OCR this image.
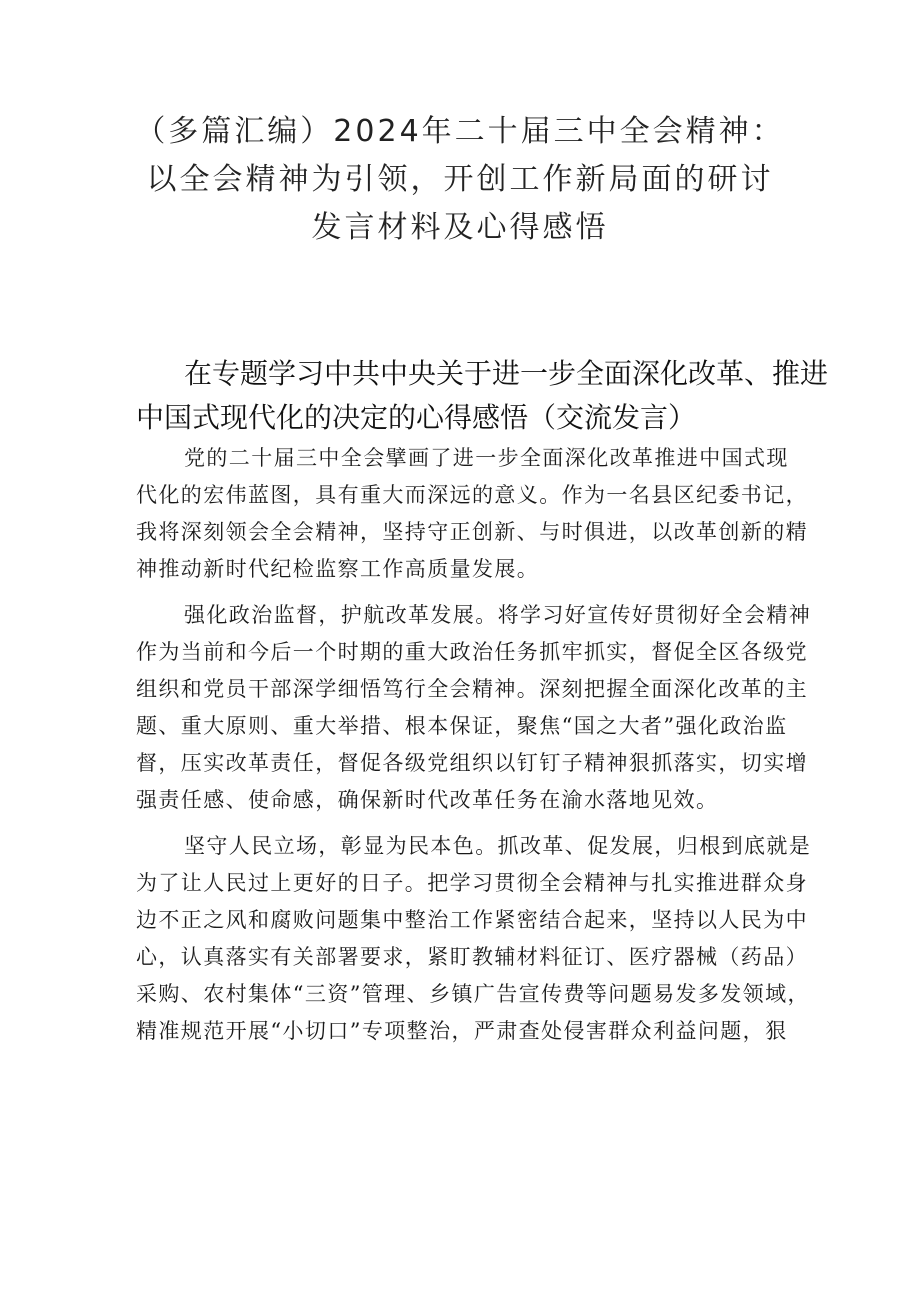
（多篇汇编）2024年二十届三中全会精神：
以全会精神为引领，开创工作新局面的研讨
发言材料及心得感悟
在专题学习中共中央关于进一步全面深化改革、推进
中国式现代化的决定的心得感悟（交流发言）

党的二十届三中全会擘画了进一步全面深化改革推进中国式现
代化的宏伟蓝图，具有重大而深远的意义。作为一名县区纪委书记，
我将深刻领会全会精神，坚持守正创新、与时俱进，以改革创新的精
神推动新时代纪检监察工作高质量发展。

强化政治监督，护航改革发展。将学习好宣传好贯彻好全会精神
作为当前和今后一个时期的重大政治任务抓牢抓实，督促全区各级党
组织和党员干部深学细悟笃行全会精神。深刻把握全面深化改革的主
题、重大原则、重大举措、根本保证，聚焦“国之大者”强化政治监
督，压实改革责任，督促各级党组织以钉钉子精神狠抓落实，切实增
强责任感、使命感，确保新时代改革任务在渝水落地见效。

坚守人民立场，彰显为民本色。抓改革、促发展，归根到底就是
为了让人民过上更好的日子。把学习贯彻全会精神与扎实推进群众身
边不正之风和腐败问题集中整治工作紧密结合起来，坚持以人民为中
心，认真落实有关部署要求，紧盯教辅材料征订、医疗器械（药品）
采购、农村集体“三资”管理、乡镇广告宣传费等问题易发多发领域，
精准规范开展“小切口”专项整治，严肃查处侵害群众利益问题，狠
